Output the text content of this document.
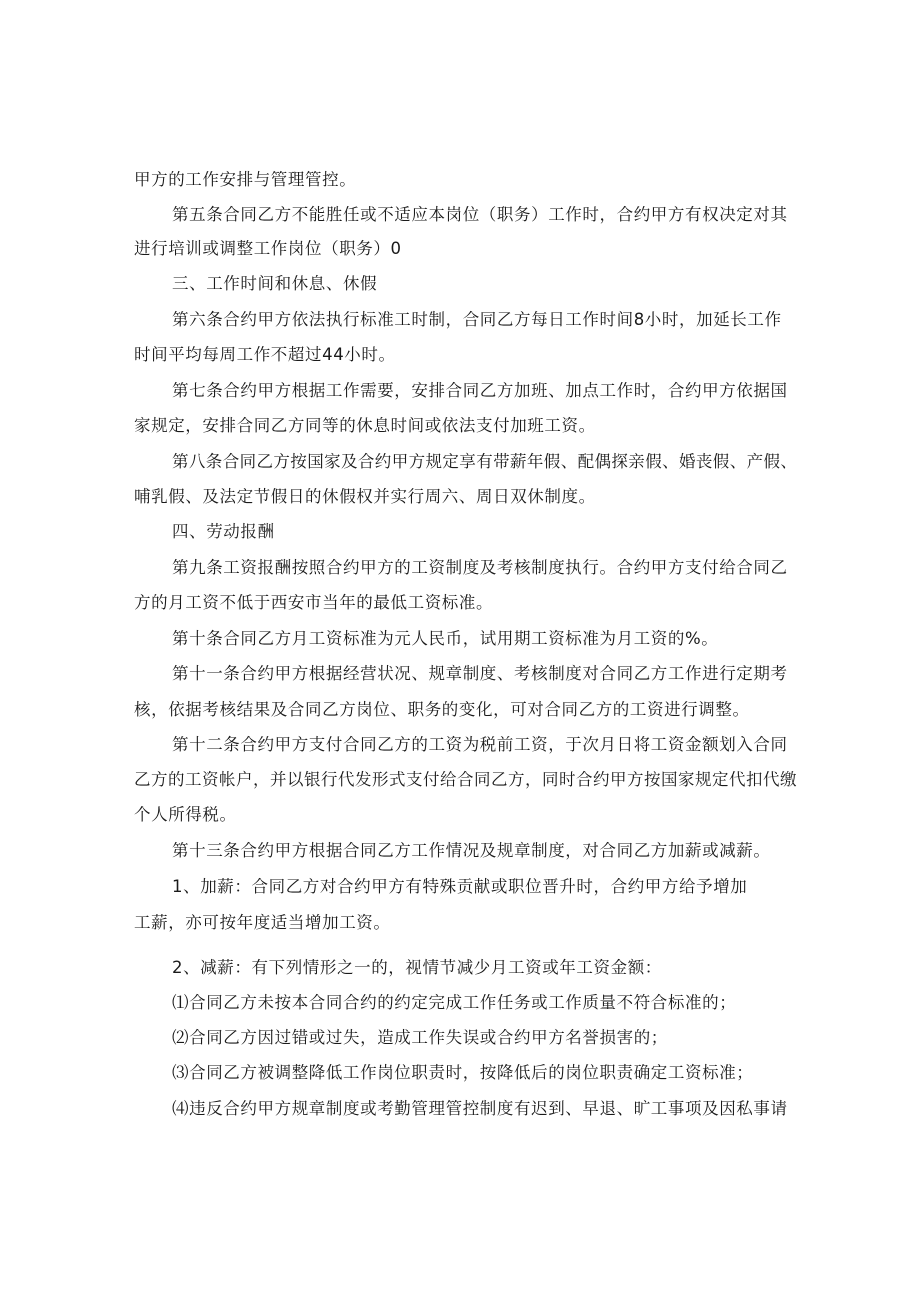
甲方的工作安排与管理管控。
第五条合同乙方不能胜任或不适应本岗位（职务）工作时，合约甲方有权决定对其
进行培训或调整工作岗位（职务）0
三、工作时间和休息、休假
第六条合约甲方依法执行标准工时制，合同乙方每日工作时间8小时，加延长工作
时间平均每周工作不超过44小时。
第七条合约甲方根据工作需要，安排合同乙方加班、加点工作时，合约甲方依据国
家规定，安排合同乙方同等的休息时间或依法支付加班工资。
第八条合同乙方按国家及合约甲方规定享有带薪年假、配偶探亲假、婚丧假、产假、
哺乳假、及法定节假日的休假权并实行周六、周日双休制度。
四、劳动报酬
第九条工资报酬按照合约甲方的工资制度及考核制度执行。合约甲方支付给合同乙
方的月工资不低于西安市当年的最低工资标准。
第十条合同乙方月工资标准为元人民币，试用期工资标准为月工资的%。
第十一条合约甲方根据经营状况、规章制度、考核制度对合同乙方工作进行定期考
核，依据考核结果及合同乙方岗位、职务的变化，可对合同乙方的工资进行调整。
第十二条合约甲方支付合同乙方的工资为税前工资，于次月日将工资金额划入合同
乙方的工资帐户，并以银行代发形式支付给合同乙方，同时合约甲方按国家规定代扣代缴
个人所得税。
第十三条合约甲方根据合同乙方工作情况及规章制度，对合同乙方加薪或减薪。
1、加薪：合同乙方对合约甲方有特殊贡献或职位晋升时，合约甲方给予增加
工薪，亦可按年度适当增加工资。
2、减薪：有下列情形之一的，视情节减少月工资或年工资金额：
⑴合同乙方未按本合同合约的约定完成工作任务或工作质量不符合标准的；
⑵合同乙方因过错或过失，造成工作失误或合约甲方名誉损害的；
⑶合同乙方被调整降低工作岗位职责时，按降低后的岗位职责确定工资标准；
⑷违反合约甲方规章制度或考勤管理管控制度有迟到、早退、旷工事项及因私事请
